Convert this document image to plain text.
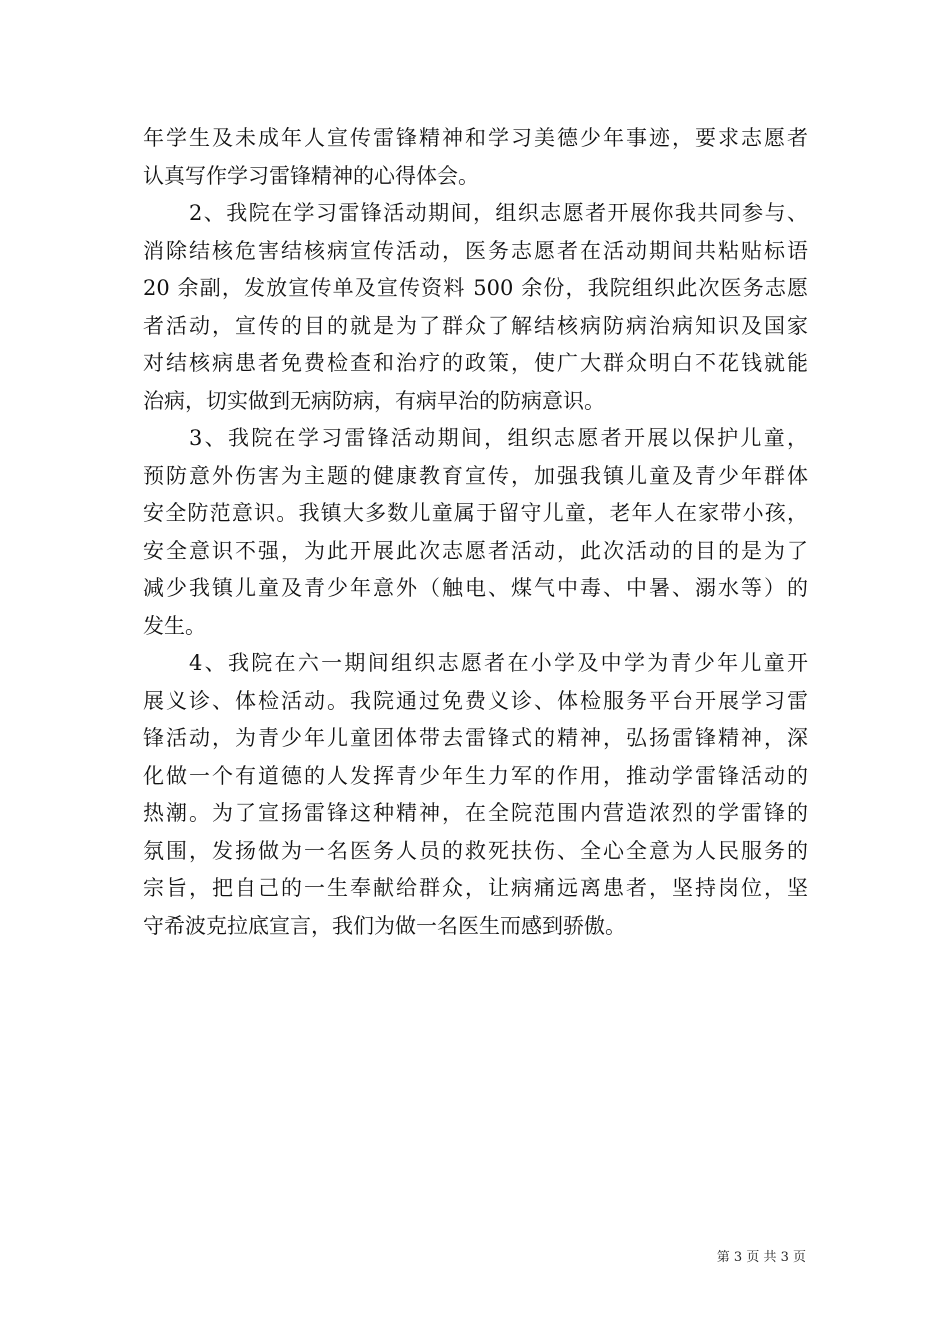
年学生及未成年人宣传雷锋精神和学习美德少年事迹，要求志愿者
认真写作学习雷锋精神的心得体会。

2、我院在学习雷锋活动期间，组织志愿者开展你我共同参与、
消除结核危害结核病宣传活动，医务志愿者在活动期间共粘贴标语
20 余副，发放宣传单及宣传资料 500 余份，我院组织此次医务志愿
者活动，宣传的目的就是为了群众了解结核病防病治病知识及国家
对结核病患者免费检查和治疗的政策，使广大群众明白不花钱就能
治病，切实做到无病防病，有病早治的防病意识。

3、我院在学习雷锋活动期间，组织志愿者开展以保护儿童，
预防意外伤害为主题的健康教育宣传，加强我镇儿童及青少年群体
安全防范意识。我镇大多数儿童属于留守儿童，老年人在家带小孩，
安全意识不强，为此开展此次志愿者活动，此次活动的目的是为了
减少我镇儿童及青少年意外（触电、煤气中毒、中暑、溺水等）的
发生。

4、我院在六一期间组织志愿者在小学及中学为青少年儿童开
展义诊、体检活动。我院通过免费义诊、体检服务平台开展学习雷
锋活动，为青少年儿童团体带去雷锋式的精神，弘扬雷锋精神，深
化做一个有道德的人发挥青少年生力军的作用，推动学雷锋活动的
热潮。为了宣扬雷锋这种精神，在全院范围内营造浓烈的学雷锋的
氛围，发扬做为一名医务人员的救死扶伤、全心全意为人民服务的
宗旨，把自己的一生奉献给群众，让病痛远离患者，坚持岗位，坚
守希波克拉底宣言，我们为做一名医生而感到骄傲。

第 3 页 共 3 页
